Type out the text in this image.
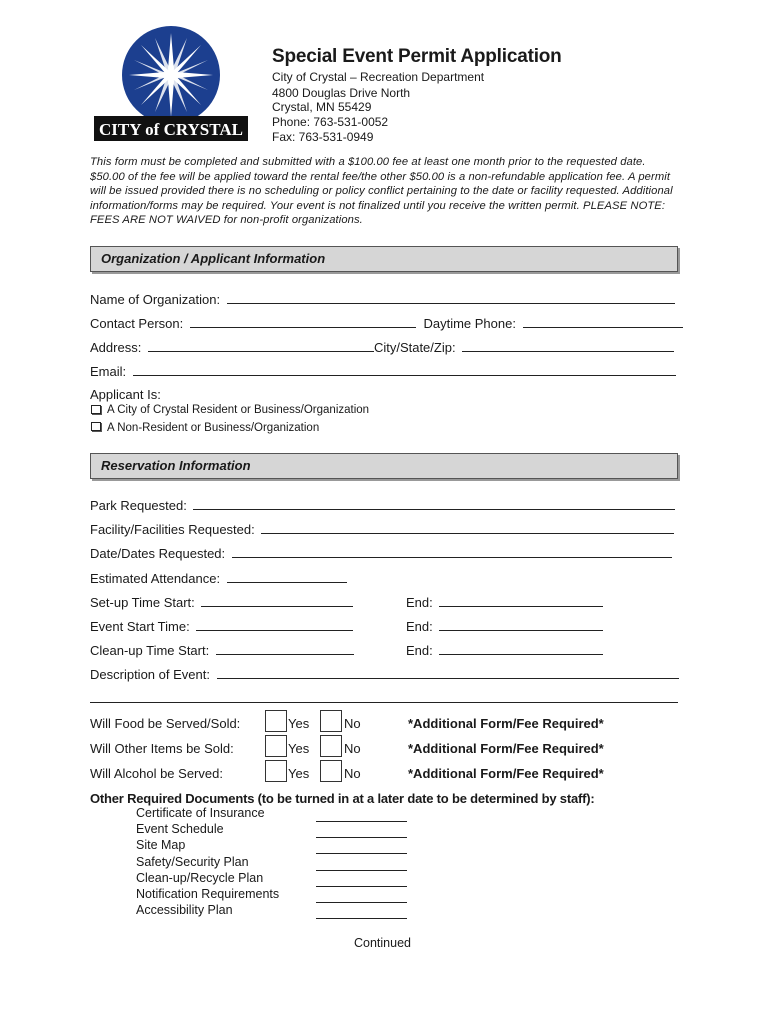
CITY of CRYSTAL
Special Event Permit Application
City of Crystal – Recreation Department
4800 Douglas Drive North
Crystal, MN 55429
Phone: 763-531-0052
Fax: 763-531-0949
This form must be completed and submitted with a $100.00 fee at least one month prior to the requested date. $50.00 of the fee will be applied toward the rental fee/the other $50.00 is a non-refundable application fee. A permit will be issued provided there is no scheduling or policy conflict pertaining to the date or facility requested. Additional information/forms may be required. Your event is not finalized until you receive the written permit. PLEASE NOTE: FEES ARE NOT WAIVED for non-profit organizations.
Organization / Applicant Information
Name of Organization:
Contact Person:	Daytime Phone:
Address:	City/State/Zip:
Email:
Applicant Is:
A City of Crystal Resident or Business/Organization
A Non-Resident or Business/Organization
Reservation Information
Park Requested:
Facility/Facilities Requested:
Date/Dates Requested:
Estimated Attendance:
Set-up Time Start:	End:
Event Start Time:	End:
Clean-up Time Start:	End:
Description of Event:
Will Food be Served/Sold:	Yes	No	*Additional Form/Fee Required*
Will Other Items be Sold:	Yes	No	*Additional Form/Fee Required*
Will Alcohol be Served:	Yes	No	*Additional Form/Fee Required*
Other Required Documents (to be turned in at a later date to be determined by staff):
Certificate of Insurance
Event Schedule
Site Map
Safety/Security Plan
Clean-up/Recycle Plan
Notification Requirements
Accessibility Plan
Continued
